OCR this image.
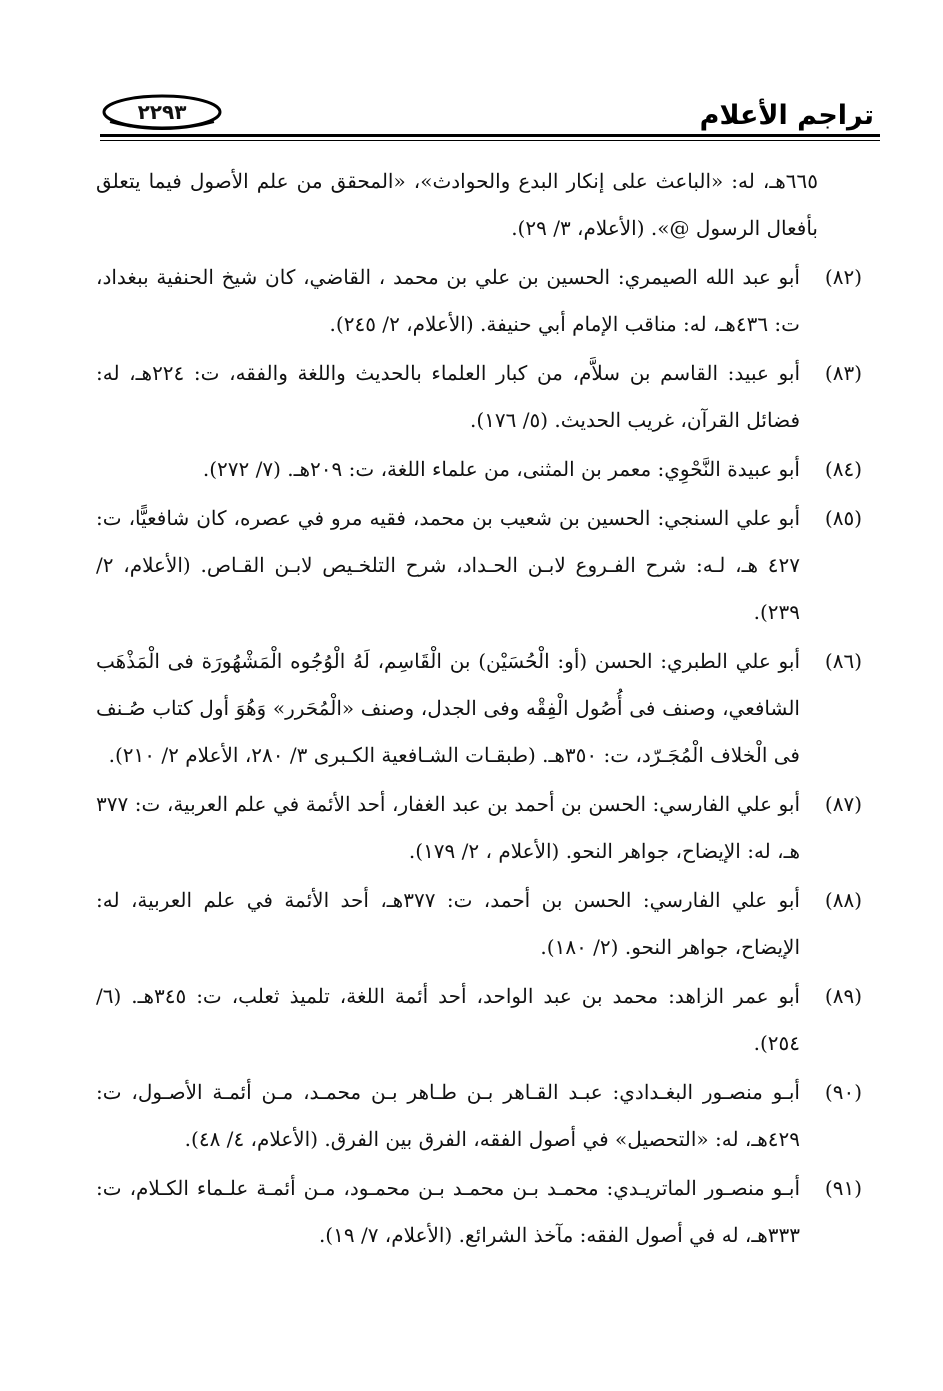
تراجم الأعلام
٢٢٩٣
٦٦٥هـ، له: «الباعث على إنكار البدع والحوادث»، «المحقق من علم الأصول فيما يتعلق بأفعال الرسول @». (الأعلام، ٣/ ٢٩).
(٨٢)
أبو عبد الله الصيمري: الحسين بن علي بن محمد ، القاضي، كان شيخ الحنفية ببغداد، ت: ٤٣٦هـ، له: مناقب الإمام أبي حنيفة. (الأعلام، ٢/ ٢٤٥).
(٨٣)
أبو عبيد: القاسم بن سلاَّم، من كبار العلماء بالحديث واللغة والفقه، ت: ٢٢٤هـ، له: فضائل القرآن، غريب الحديث. (٥/ ١٧٦).
(٨٤)
أبو عبيدة النَّحْوِي: معمر بن المثنى، من علماء اللغة، ت: ٢٠٩هـ. (٧/ ٢٧٢).
(٨٥)
أبو علي السنجي: الحسين بن شعيب بن محمد، فقيه مرو في عصره، كان شافعيًّا، ت: ٤٢٧ هـ، لـه: شرح الفـروع لابـن الحـداد، شرح التلخـيص لابـن القـاص. (الأعلام، ٢/ ٢٣٩).
(٨٦)
أبو علي الطبري: الحسن (أو: الْحُسَيْن) بن الْقَاسِم، لَهُ الْوُجُوه الْمَشْهُورَة فى الْمَذْهَب الشافعي، وصنف فى أُصُول الْفِقْه وفى الجدل، وصنف «الْمُحَرر» وَهُوَ أول كتاب صُـنف فى الْخلاف الْمُجَـرّد، ت: ٣٥٠هـ. (طبقـات الشـافعية الكـبرى ٣/ ٢٨٠، الأعلام ٢/ ٢١٠).
(٨٧)
أبو علي الفارسي: الحسن بن أحمد بن عبد الغفار، أحد الأئمة في علم العربية، ت: ٣٧٧ هـ، له: الإيضاح، جواهر النحو. (الأعلام ، ٢/ ١٧٩).
(٨٨)
أبو علي الفارسي: الحسن بن أحمد، ت: ٣٧٧هـ، أحد الأئمة في علم العربية، له: الإيضاح، جواهر النحو. (٢/ ١٨٠).
(٨٩)
أبو عمر الزاهد: محمد بن عبد الواحد، أحد أئمة اللغة، تلميذ ثعلب، ت: ٣٤٥هـ. (٦/ ٢٥٤).
(٩٠)
أبـو منصـور البغـدادي: عبـد القـاهر بـن طـاهر بـن محمـد، مـن أئمـة الأصـول، ت: ٤٢٩هـ، له: «التحصيل» في أصول الفقه، الفرق بين الفرق. (الأعلام، ٤/ ٤٨).
(٩١)
أبـو منصـور الماتريـدي: محمـد بـن محمـد بـن محمـود، مـن أئمـة علـماء الكـلام، ت: ٣٣٣هـ، له في أصول الفقه: مآخذ الشرائع. (الأعلام، ٧/ ١٩).
